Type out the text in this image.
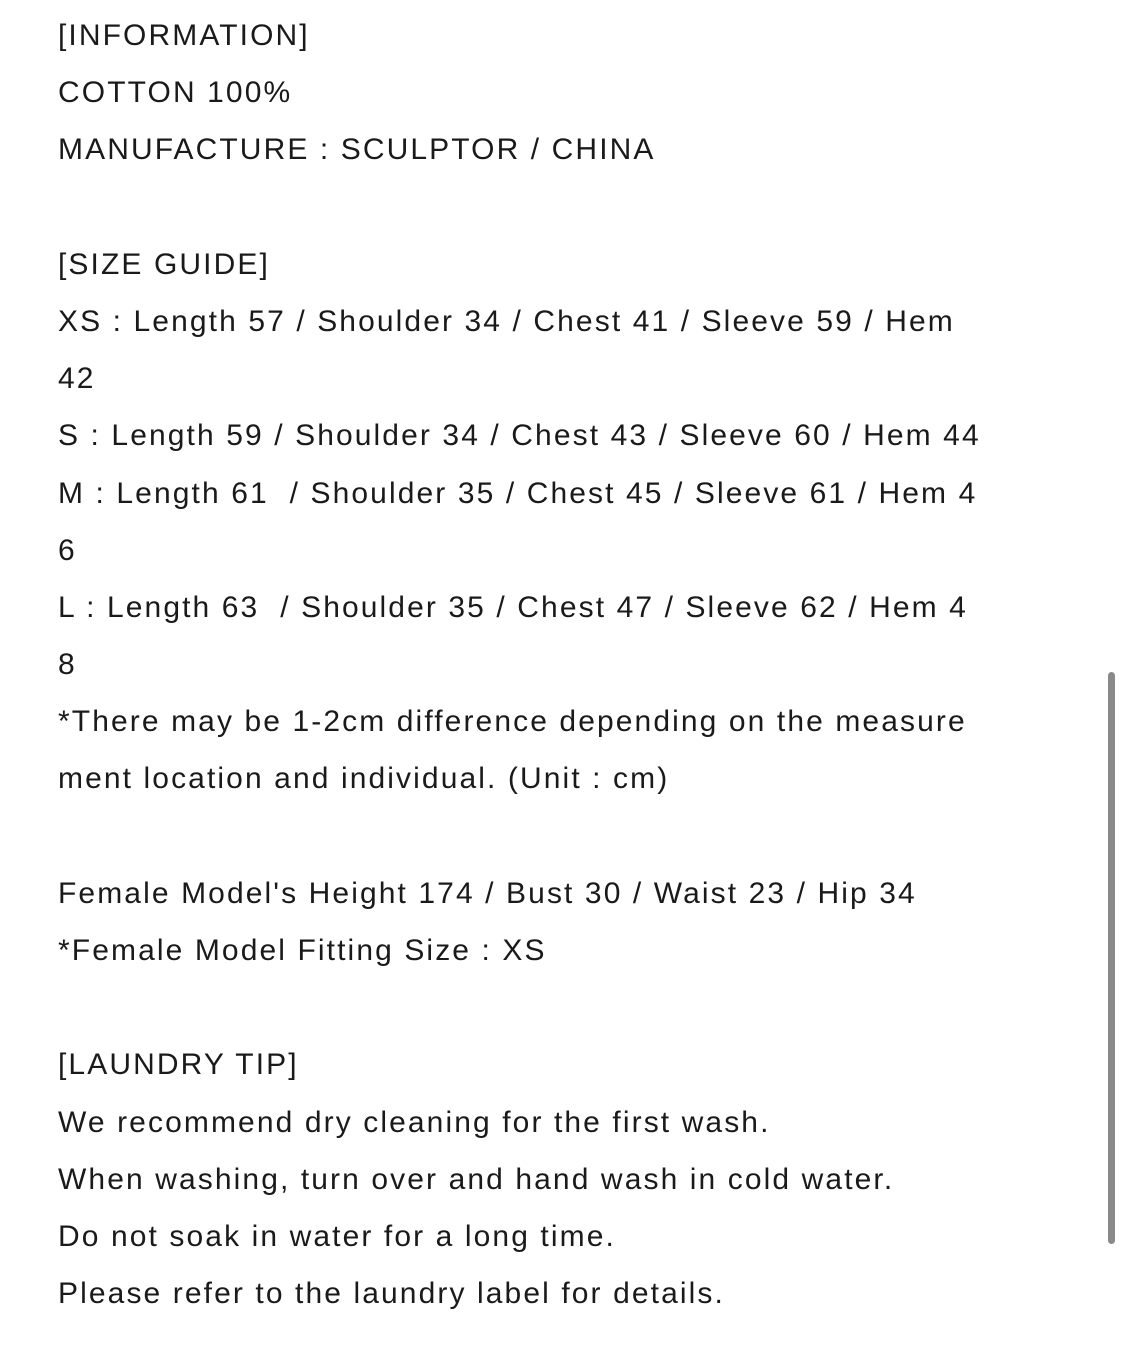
[INFORMATION]
COTTON 100%
MANUFACTURE : SCULPTOR / CHINA
[SIZE GUIDE]
XS : Length 57 / Shoulder 34 / Chest 41 / Sleeve 59 / Hem
42
S : Length 59 / Shoulder 34 / Chest 43 / Sleeve 60 / Hem 44
M : Length 61  / Shoulder 35 / Chest 45 / Sleeve 61 / Hem 4
6
L : Length 63  / Shoulder 35 / Chest 47 / Sleeve 62 / Hem 4
8
*There may be 1-2cm difference depending on the measure
ment location and individual. (Unit : cm)
Female Model's Height 174 / Bust 30 / Waist 23 / Hip 34
*Female Model Fitting Size : XS
[LAUNDRY TIP]
We recommend dry cleaning for the first wash.
When washing, turn over and hand wash in cold water.
Do not soak in water for a long time.
Please refer to the laundry label for details.
